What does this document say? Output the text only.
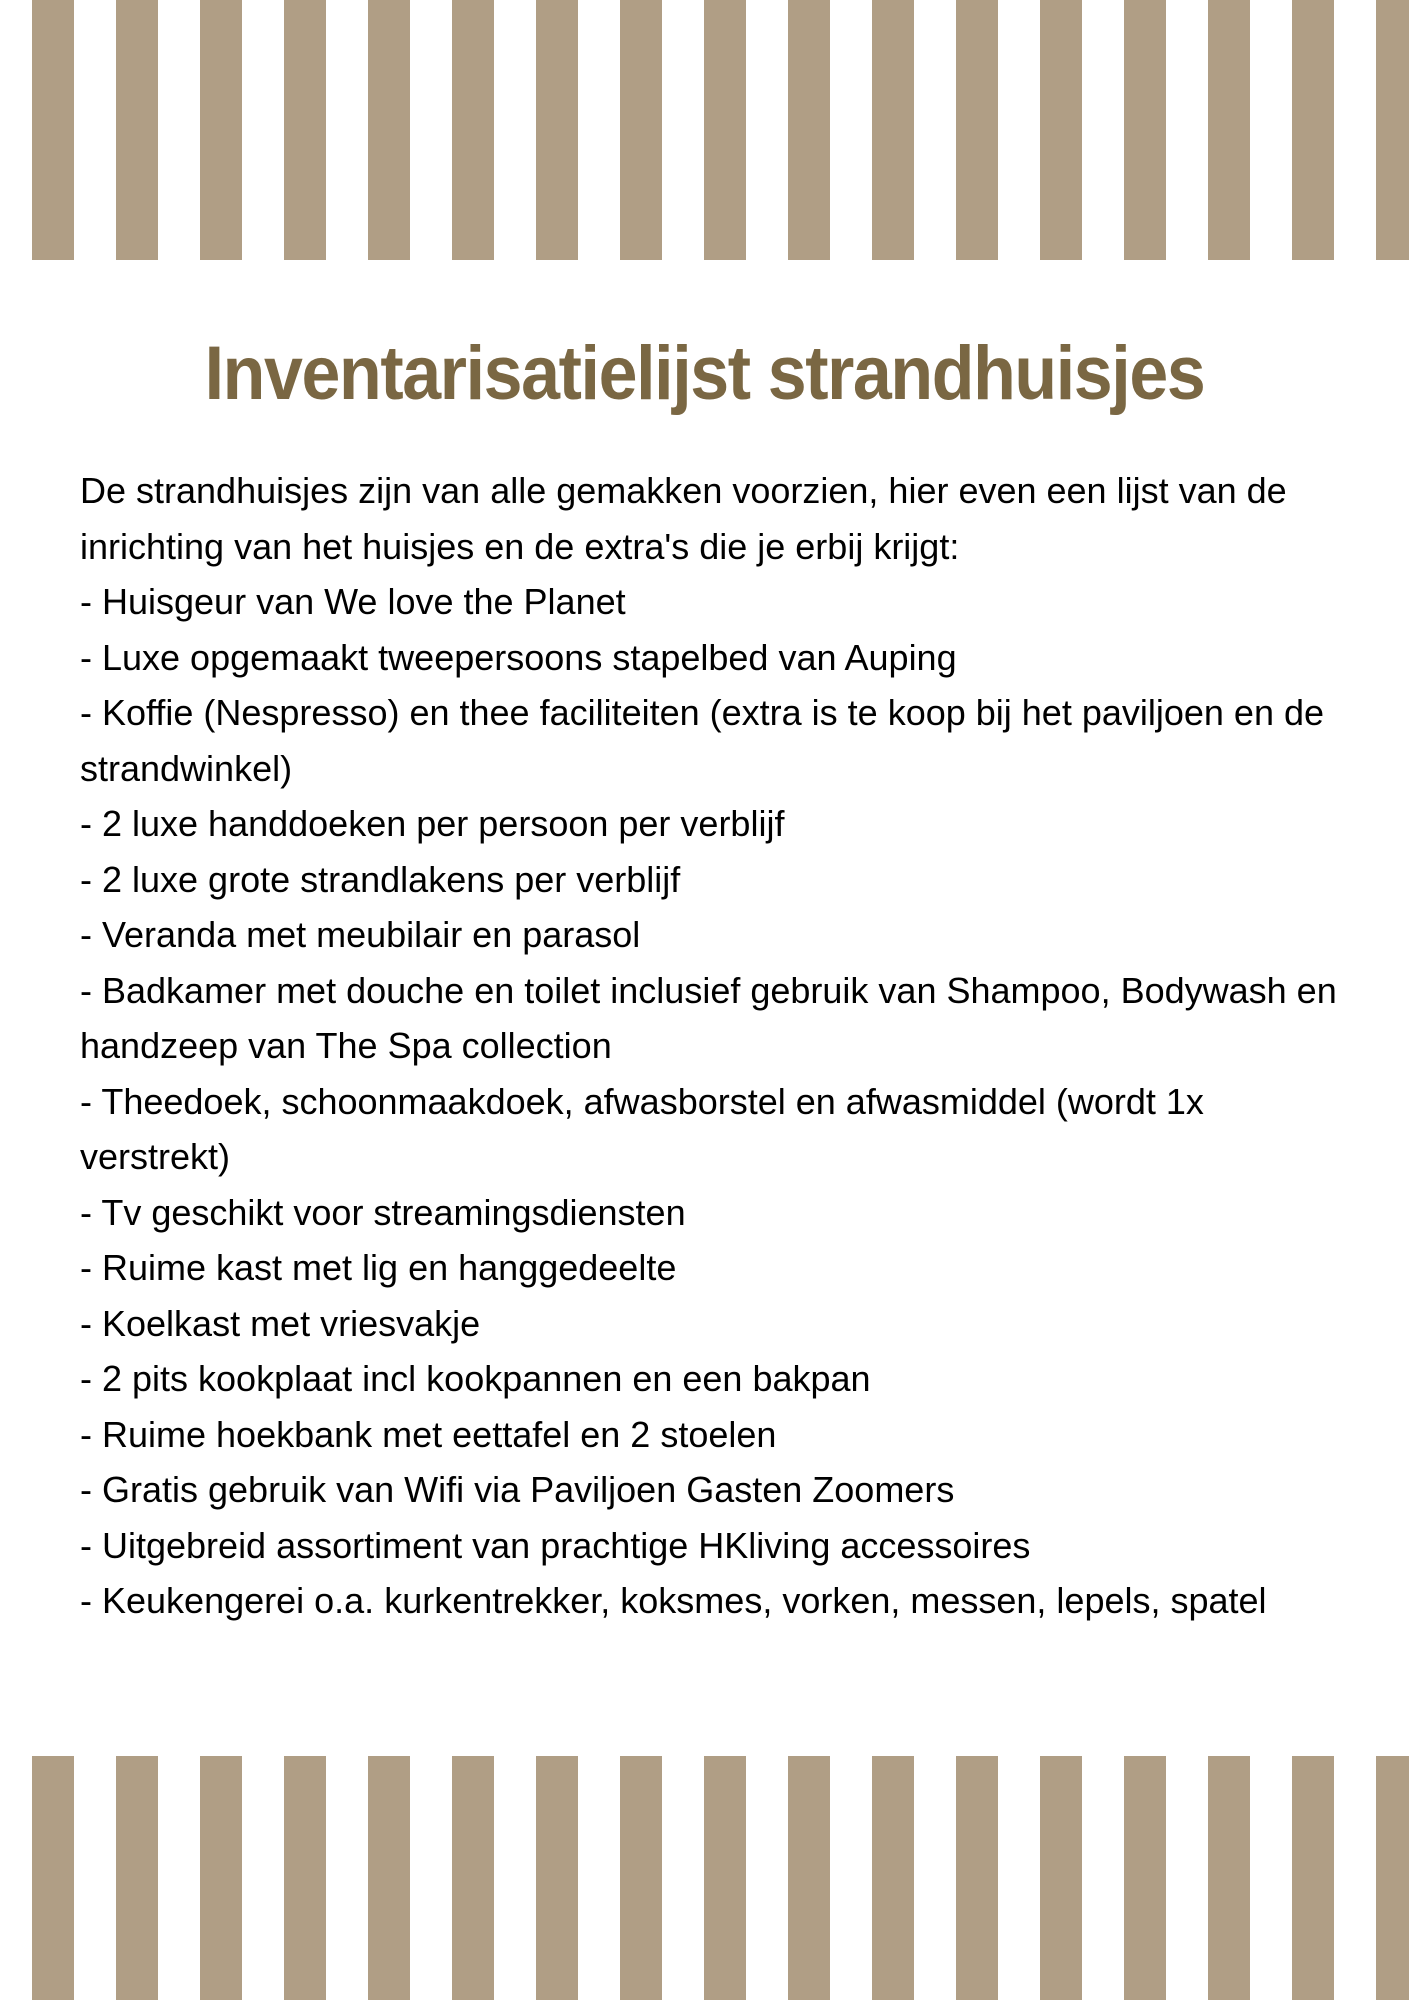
Inventarisatielijst strandhuisjes

De strandhuisjes zijn van alle gemakken voorzien, hier even een lijst van de inrichting van het huisjes en de extra's die je erbij krijgt:

- Huisgeur van We love the Planet
- Luxe opgemaakt tweepersoons stapelbed van Auping
- Koffie (Nespresso) en thee faciliteiten (extra is te koop bij het paviljoen en de strandwinkel)
- 2 luxe handdoeken per persoon per verblijf
- 2 luxe grote strandlakens per verblijf
- Veranda met meubilair en parasol
- Badkamer met douche en toilet inclusief gebruik van Shampoo, Bodywash en handzeep van The Spa collection
- Theedoek, schoonmaakdoek, afwasborstel en afwasmiddel (wordt 1x verstrekt)
- Tv geschikt voor streamingsdiensten
- Ruime kast met lig en hanggedeelte
- Koelkast met vriesvakje
- 2 pits kookplaat incl kookpannen en een bakpan
- Ruime hoekbank met eettafel en 2 stoelen
- Gratis gebruik van Wifi via Paviljoen Gasten Zoomers
- Uitgebreid assortiment van prachtige HKliving accessoires
- Keukengerei o.a. kurkentrekker, koksmes, vorken, messen, lepels, spatel
